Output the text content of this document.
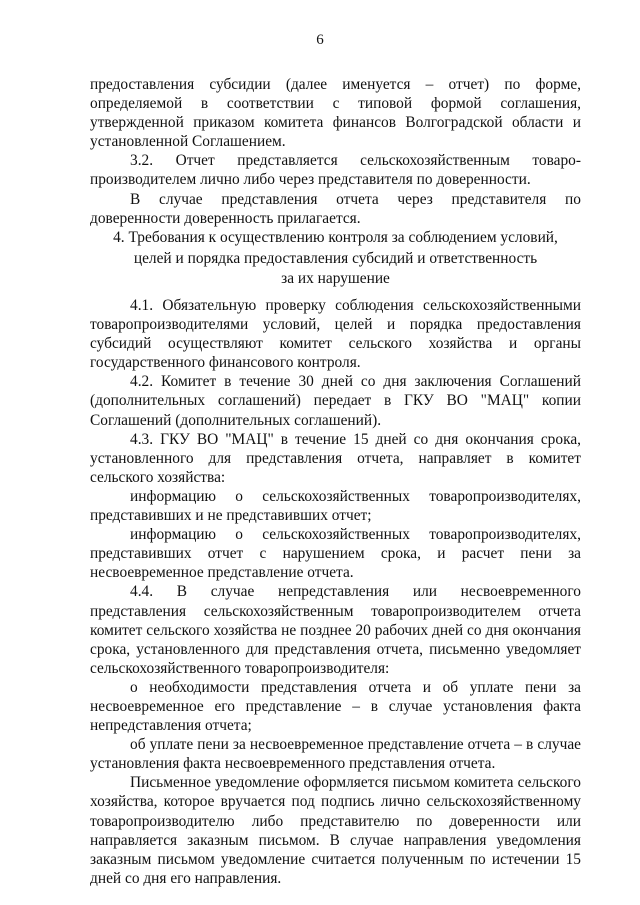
6

предоставления субсидии (далее именуется – отчет) по форме, определяемой в соответствии с типовой формой соглашения, утвержденной приказом комитета финансов Волгоградской области и установленной Соглашением.

3.2. Отчет представляется сельскохозяйственным товаро-производителем лично либо через представителя по доверенности.

В случае представления отчета через представителя по доверенности доверенность прилагается.

4. Требования к осуществлению контроля за соблюдением условий,
целей и порядка предоставления субсидий и ответственность
за их нарушение

4.1. Обязательную проверку соблюдения сельскохозяйственными товаропроизводителями условий, целей и порядка предоставления субсидий осуществляют комитет сельского хозяйства и органы государственного финансового контроля.

4.2. Комитет в течение 30 дней со дня заключения Соглашений (дополнительных соглашений) передает в ГКУ ВО "МАЦ" копии Соглашений (дополнительных соглашений).

4.3. ГКУ ВО "МАЦ" в течение 15 дней со дня окончания срока, установленного для представления отчета, направляет в комитет сельского хозяйства:

информацию о сельскохозяйственных товаропроизводителях, представивших и не представивших отчет;

информацию о сельскохозяйственных товаропроизводителях, представивших отчет с нарушением срока, и расчет пени за несвоевременное представление отчета.

4.4. В случае непредставления или несвоевременного представления сельскохозяйственным товаропроизводителем отчета комитет сельского хозяйства не позднее 20 рабочих дней со дня окончания срока, установленного для представления отчета, письменно уведомляет сельскохозяйственного товаропроизводителя:

о необходимости представления отчета и об уплате пени за несвоевременное его представление – в случае установления факта непредставления отчета;

об уплате пени за несвоевременное представление отчета – в случае установления факта несвоевременного представления отчета.

Письменное уведомление оформляется письмом комитета сельского хозяйства, которое вручается под подпись лично сельскохозяйственному товаропроизводителю либо представителю по доверенности или направляется заказным письмом. В случае направления уведомления заказным письмом уведомление считается полученным по истечении 15 дней со дня его направления.
